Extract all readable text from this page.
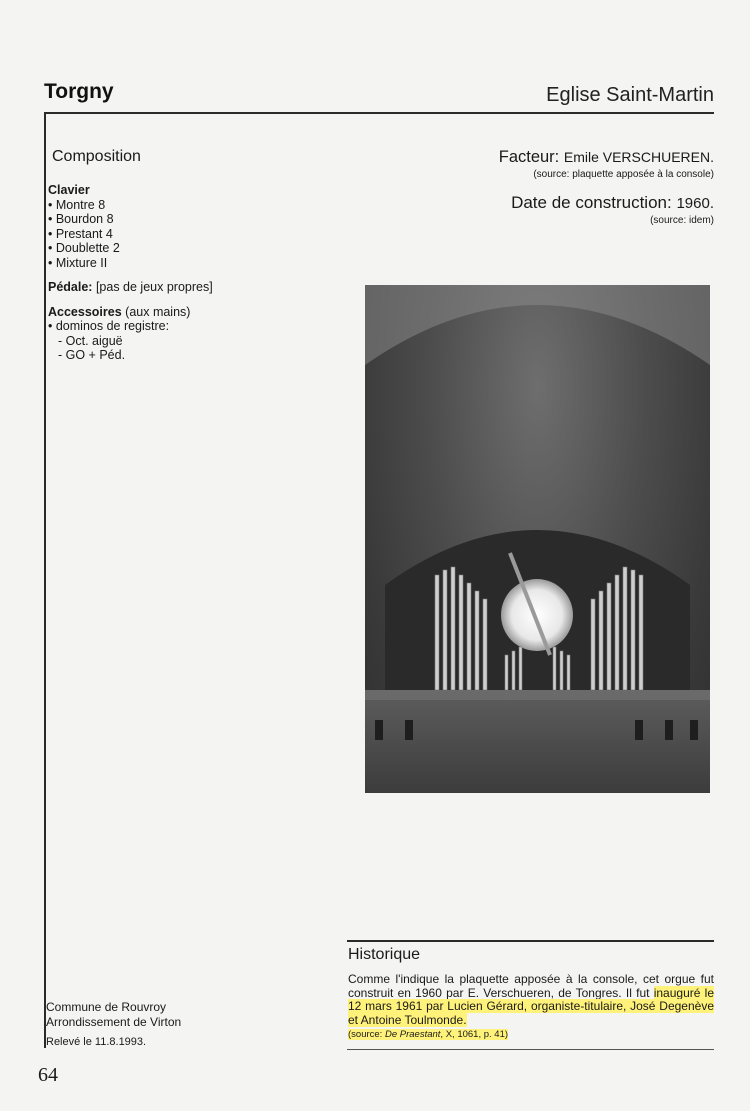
Torgny	Eglise Saint-Martin
Composition
Clavier
• Montre 8
• Bourdon 8
• Prestant 4
• Doublette 2
• Mixture II
Pédale: [pas de jeux propres]
Accessoires (aux mains)
• dominos de registre:
- Oct. aiguë
- GO + Péd.
Facteur: Emile VERSCHUEREN.
(source: plaquette apposée à la console)
Date de construction: 1960.
(source: idem)
Historique
Comme l'indique la plaquette apposée à la console, cet orgue fut construit en 1960 par E. Verschueren, de Tongres. Il fut inauguré le 12 mars 1961 par Lucien Gérard, organiste-titulaire, José Degenève et Antoine Toulmonde.
(source: De Praestant, X, 1061, p. 41)
Commune de Rouvroy
Arrondissement de Virton
Relevé le 11.8.1993.
64
